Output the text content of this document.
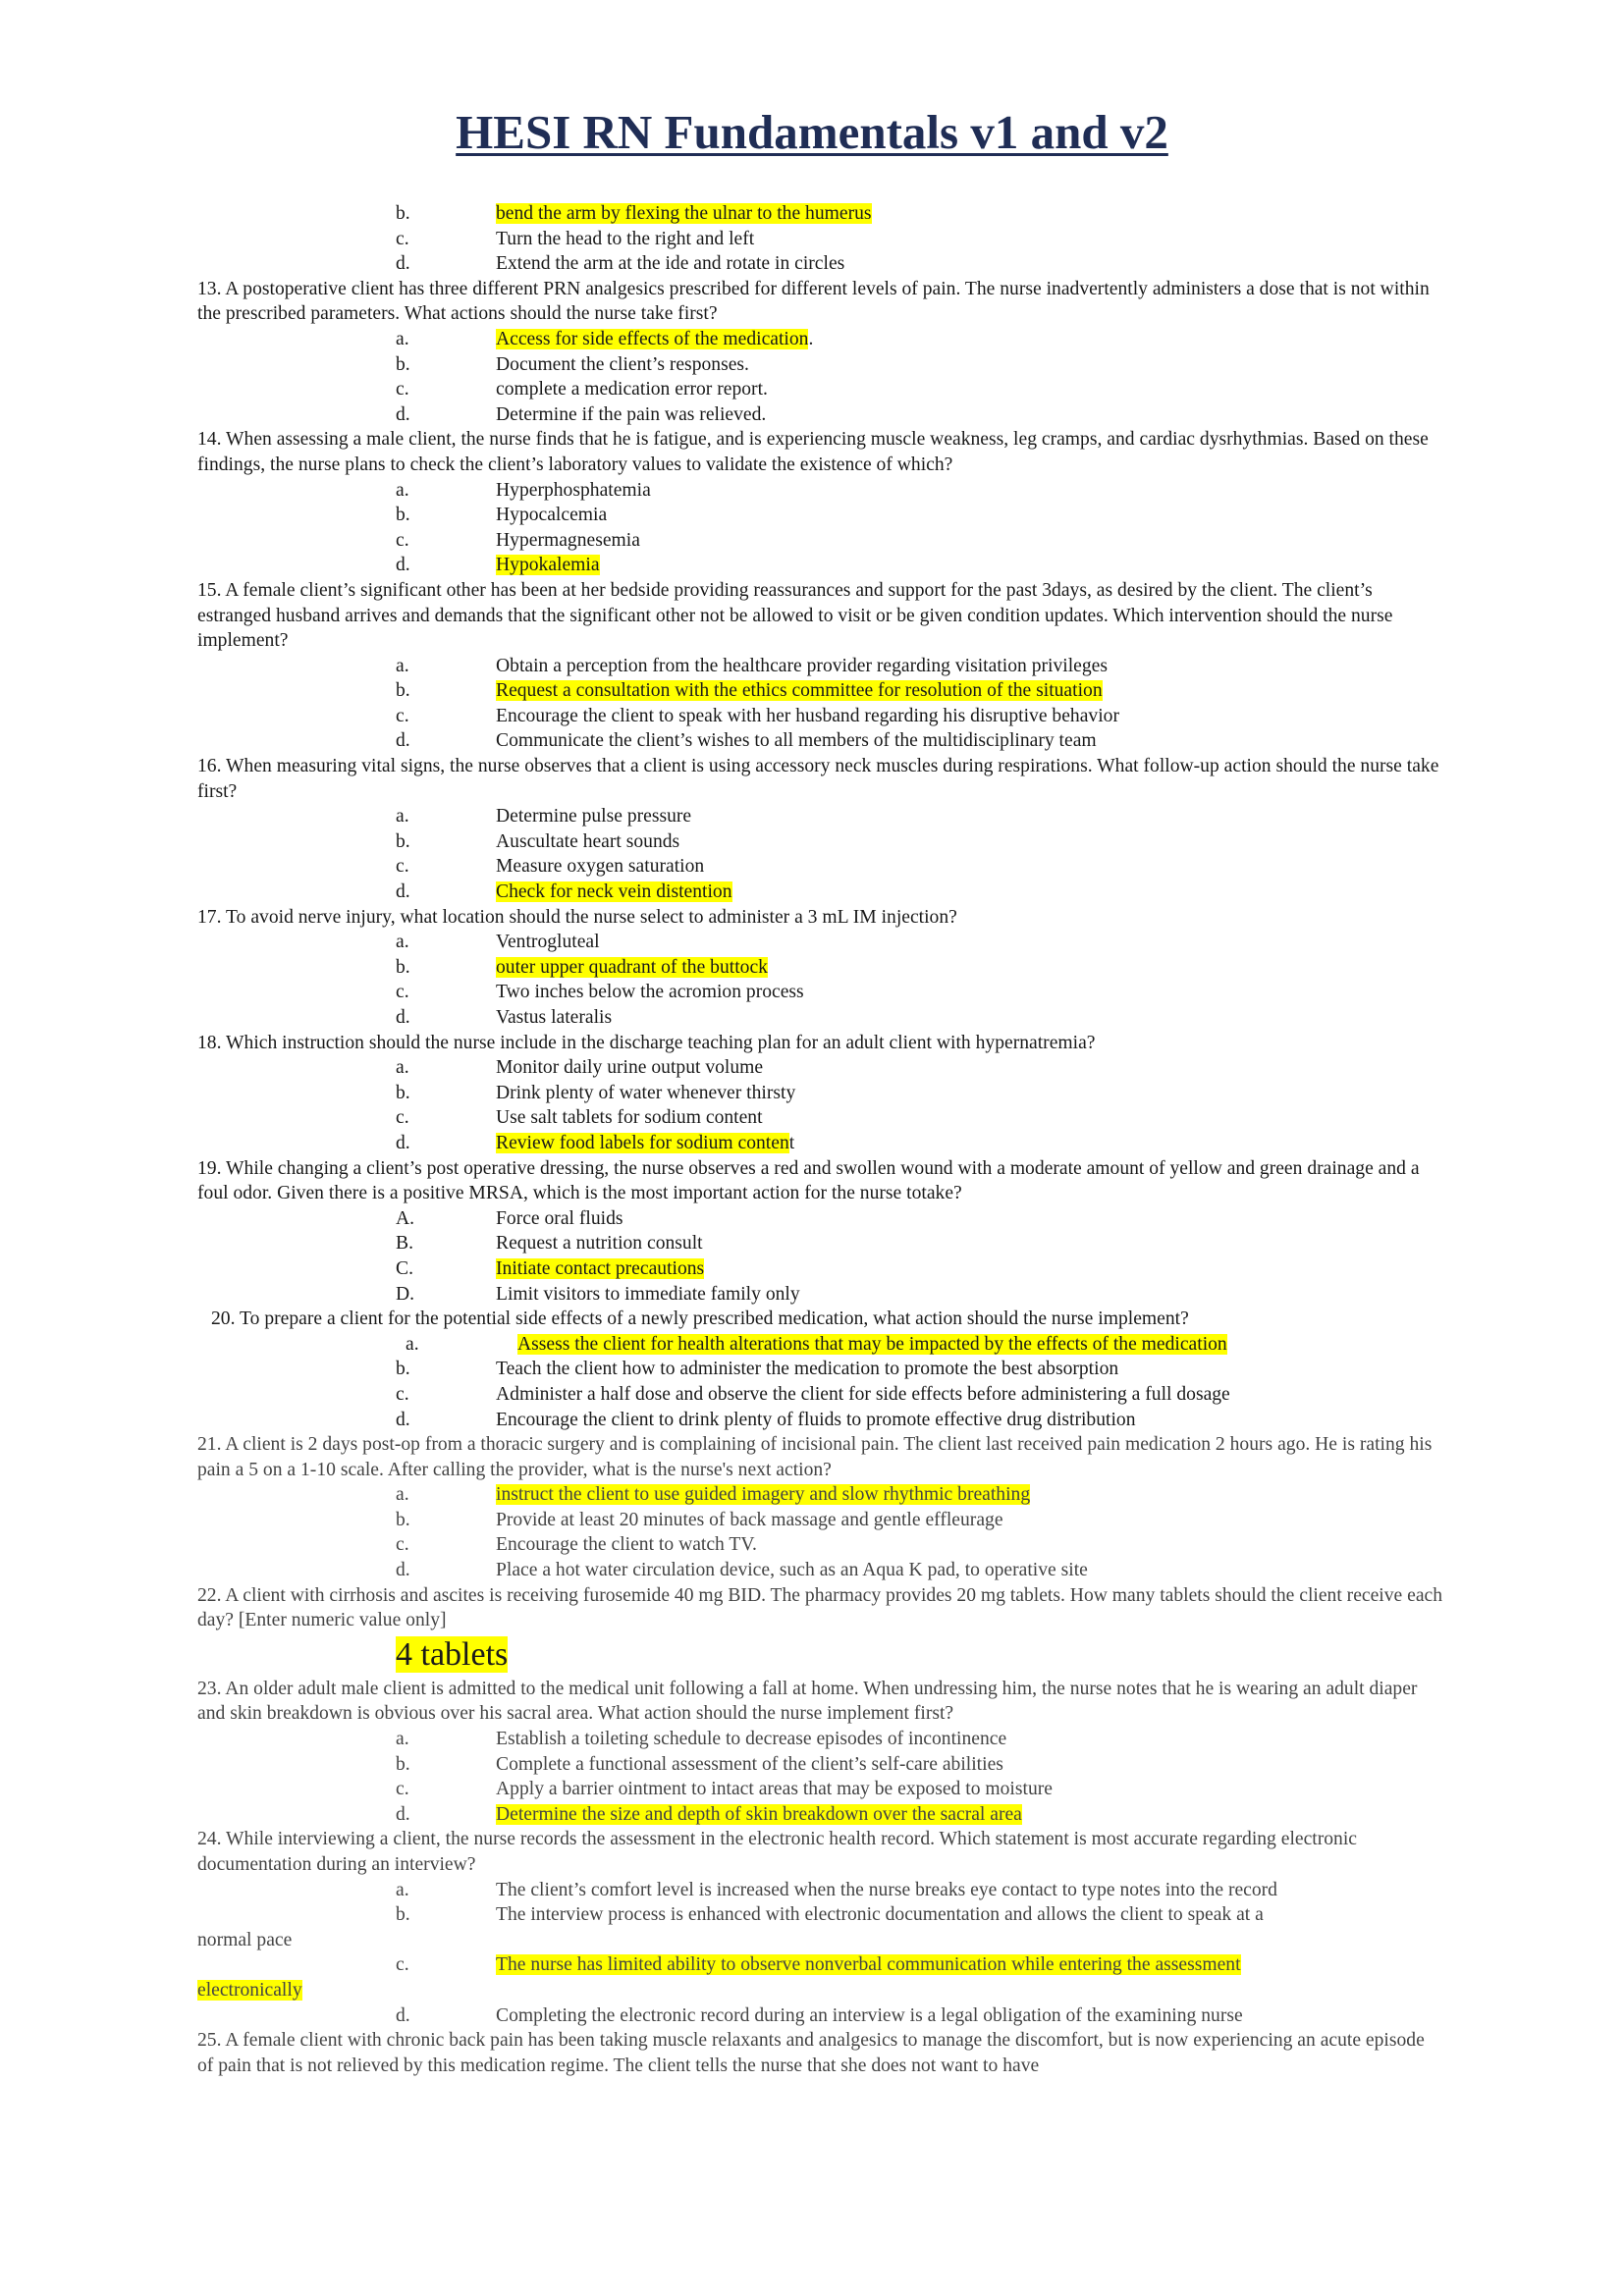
HESI RN Fundamentals v1 and v2
b.	bend the arm by flexing the ulnar to the humerus
c.	Turn the head to the right and left
d.	Extend the arm at the ide and rotate in circles

13. A postoperative client has three different PRN analgesics prescribed for different levels of pain. The nurse inadvertently administers a dose that is not within the prescribed parameters. What actions should the nurse take first?

a.	Access for side effects of the medication.
b.	Document the client’s responses.
c.	complete a medication error report.
d.	Determine if the pain was relieved.

14. When assessing a male client, the nurse finds that he is fatigue, and is experiencing muscle weakness, leg cramps, and cardiac dysrhythmias. Based on these findings, the nurse plans to check the client’s laboratory values to validate the existence of which?

a.	Hyperphosphatemia
b.	Hypocalcemia
c.	Hypermagnesemia
d.	Hypokalemia

15. A female client’s significant other has been at her bedside providing reassurances and support for the past 3days, as desired by the client. The client’s estranged husband arrives and demands that the significant other not be allowed to visit or be given condition updates. Which intervention should the nurse implement?

a.	Obtain a perception from the healthcare provider regarding visitation privileges
b.	Request a consultation with the ethics committee for resolution of the situation
c.	Encourage the client to speak with her husband regarding his disruptive behavior
d.	Communicate the client’s wishes to all members of the multidisciplinary team

16. When measuring vital signs, the nurse observes that a client is using accessory neck muscles during respirations. What follow-up action should the nurse take first?

a.	Determine pulse pressure
b.	Auscultate heart sounds
c.	Measure oxygen saturation
d.	Check for neck vein distention

17. To avoid nerve injury, what location should the nurse select to administer a 3 mL IM injection?

a.	Ventrogluteal
b.	outer upper quadrant of the buttock
c.	Two inches below the acromion process
d.	Vastus lateralis

18. Which instruction should the nurse include in the discharge teaching plan for an adult client with hypernatremia?

a.	Monitor daily urine output volume
b.	Drink plenty of water whenever thirsty
c.	Use salt tablets for sodium content
d.	Review food labels for sodium content

19. While changing a client’s post operative dressing, the nurse observes a red and swollen wound with a moderate amount of yellow and green drainage and a foul odor. Given there is a positive MRSA, which is the most important action for the nurse totake?

A.	Force oral fluids
B.	Request a nutrition consult
C.	Initiate contact precautions
D.	Limit visitors to immediate family only

20. To prepare a client for the potential side effects of a newly prescribed medication, what action should the nurse implement?

a.	Assess the client for health alterations that may be impacted by the effects of the medication
b.	Teach the client how to administer the medication to promote the best absorption
c.	Administer a half dose and observe the client for side effects before administering a full dosage
d.	Encourage the client to drink plenty of fluids to promote effective drug distribution

21. A client is 2 days post-op from a thoracic surgery and is complaining of incisional pain. The client last received pain medication 2 hours ago. He is rating his pain a 5 on a 1-10 scale. After calling the provider, what is the nurse's next action?

a.	instruct the client to use guided imagery and slow rhythmic breathing
b.	Provide at least 20 minutes of back massage and gentle effleurage
c.	Encourage the client to watch TV.
d.	Place a hot water circulation device, such as an Aqua K pad, to operative site

22. A client with cirrhosis and ascites is receiving furosemide 40 mg BID. The pharmacy provides 20 mg tablets. How many tablets should the client receive each day? [Enter numeric value only]

4 tablets

23. An older adult male client is admitted to the medical unit following a fall at home. When undressing him, the nurse notes that he is wearing an adult diaper and skin breakdown is obvious over his sacral area. What action should the nurse implement first?

a.	Establish a toileting schedule to decrease episodes of incontinence
b.	Complete a functional assessment of the client’s self-care abilities
c.	Apply a barrier ointment to intact areas that may be exposed to moisture
d.	Determine the size and depth of skin breakdown over the sacral area

24. While interviewing a client, the nurse records the assessment in the electronic health record. Which statement is most accurate regarding electronic documentation during an interview?

a.	The client’s comfort level is increased when the nurse breaks eye contact to type notes into the record
b.	The interview process is enhanced with electronic documentation and allows the client to speak at a
normal pace
c.	The nurse has limited ability to observe nonverbal communication while entering the assessment
electronically
d.	Completing the electronic record during an interview is a legal obligation of the examining nurse

25. A female client with chronic back pain has been taking muscle relaxants and analgesics to manage the discomfort, but is now experiencing an acute episode of pain that is not relieved by this medication regime. The client tells the nurse that she does not want to have
